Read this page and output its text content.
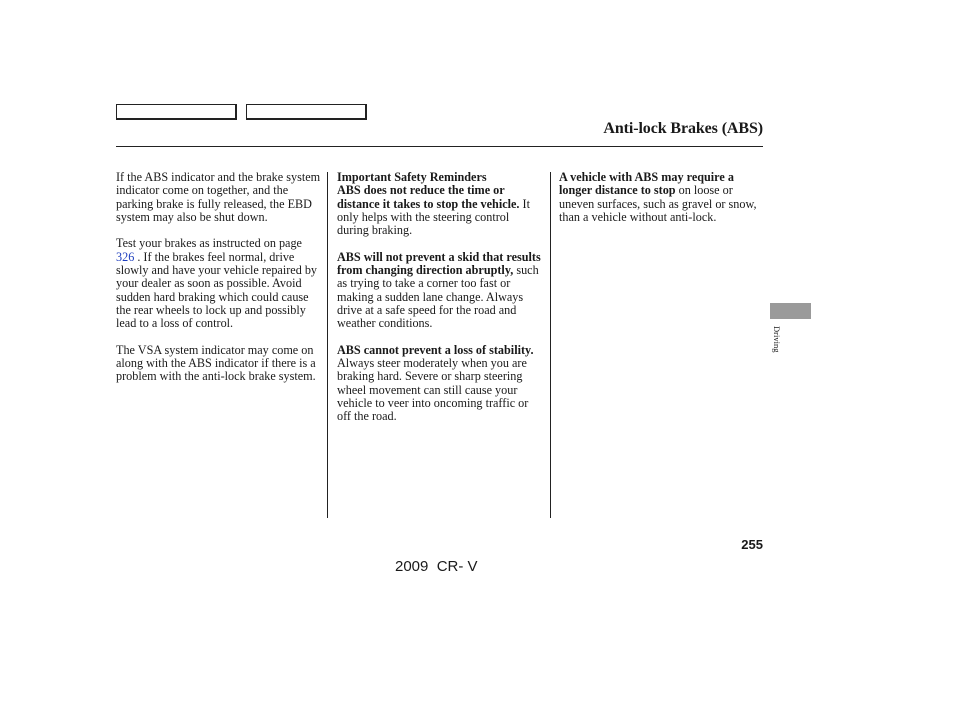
Anti-lock Brakes (ABS)

If the ABS indicator and the brake system indicator come on together, and the parking brake is fully released, the EBD system may also be shut down.

Test your brakes as instructed on page 326 . If the brakes feel normal, drive slowly and have your vehicle repaired by your dealer as soon as possible. Avoid sudden hard braking which could cause the rear wheels to lock up and possibly lead to a loss of control.

The VSA system indicator may come on along with the ABS indicator if there is a problem with the anti-lock brake system.

Important Safety Reminders
ABS does not reduce the time or distance it takes to stop the vehicle. It only helps with the steering control during braking.

ABS will not prevent a skid that results from changing direction abruptly, such as trying to take a corner too fast or making a sudden lane change. Always drive at a safe speed for the road and weather conditions.

ABS cannot prevent a loss of stability. Always steer moderately when you are braking hard. Severe or sharp steering wheel movement can still cause your vehicle to veer into oncoming traffic or off the road.

A vehicle with ABS may require a longer distance to stop on loose or uneven surfaces, such as gravel or snow, than a vehicle without anti-lock.

Driving
255
2009  CR- V
